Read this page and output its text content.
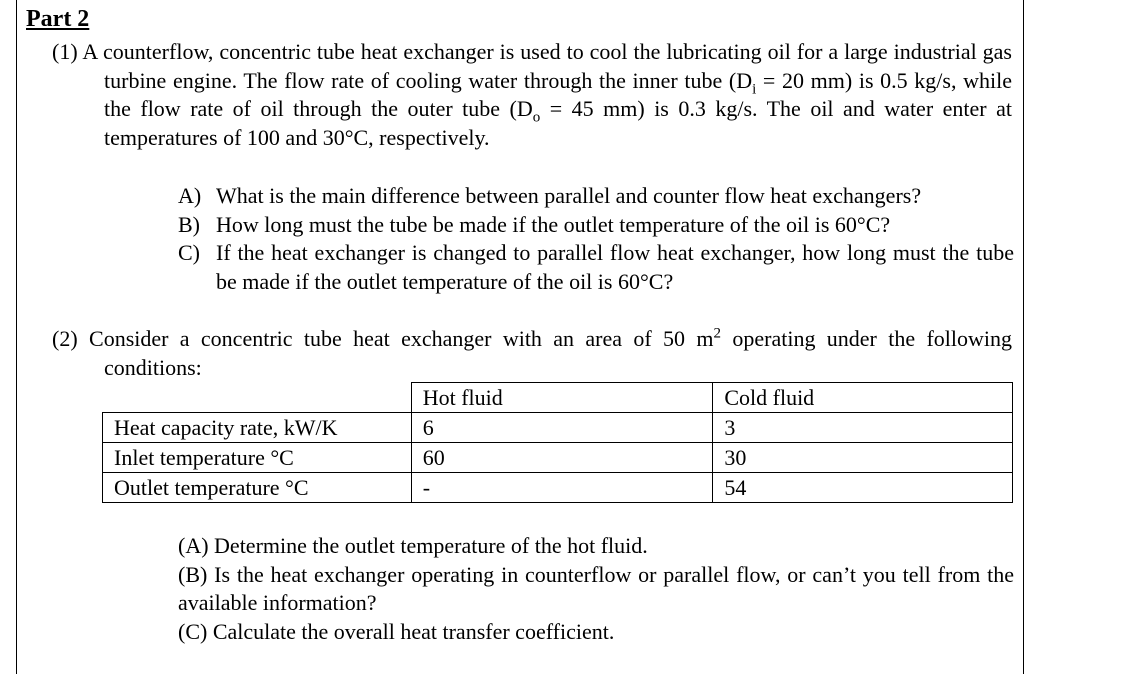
Part 2

(1) A counterflow, concentric tube heat exchanger is used to cool the lubricating oil for a large industrial gas turbine engine. The flow rate of cooling water through the inner tube ($D_i = 20$ mm) is 0.5 kg/s, while the flow rate of oil through the outer tube ($D_o = 45$ mm) is 0.3 kg/s. The oil and water enter at temperatures of 100 and 30°C, respectively.

A) What is the main difference between parallel and counter flow heat exchangers?
B) How long must the tube be made if the outlet temperature of the oil is 60°C?
C) If the heat exchanger is changed to parallel flow heat exchanger, how long must the tube be made if the outlet temperature of the oil is 60°C?

(2) Consider a concentric tube heat exchanger with an area of 50 $m^2$ operating under the following conditions:

	Hot fluid	Cold fluid
Heat capacity rate, kW/K	6	3
Inlet temperature °C	60	30
Outlet temperature °C	-	54
(A) Determine the outlet temperature of the hot fluid.
(B) Is the heat exchanger operating in counterflow or parallel flow, or can’t you tell from the available information?
(C) Calculate the overall heat transfer coefficient.
